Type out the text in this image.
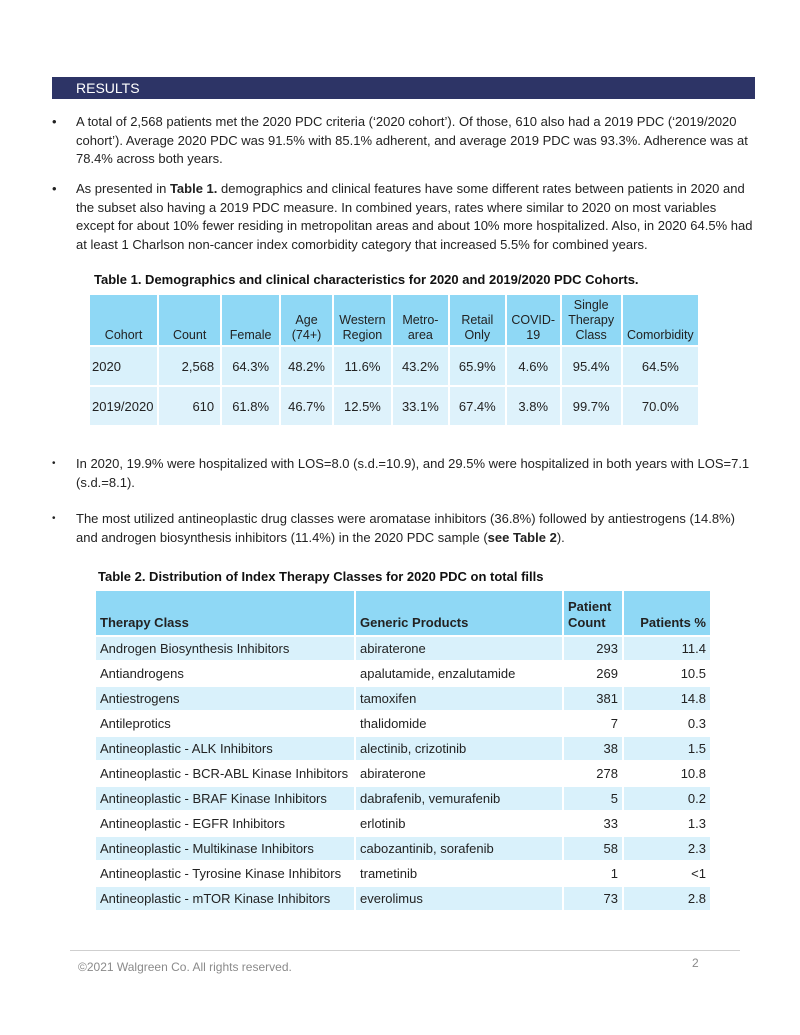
RESULTS
•	A total of 2,568 patients met the 2020 PDC criteria (‘2020 cohort’). Of those, 610 also had a 2019 PDC (‘2019/2020 cohort’). Average 2020 PDC was 91.5% with 85.1% adherent, and average 2019 PDC was 93.3%. Adherence was at 78.4% across both years.
•	As presented in Table 1. demographics and clinical features have some different rates between patients in 2020 and the subset also having a 2019 PDC measure. In combined years, rates where similar to 2020 on most variables except for about 10% fewer residing in metropolitan areas and about 10% more hospitalized. Also, in 2020 64.5% had at least 1 Charlson non-cancer index comorbidity category that increased 5.5% for combined years.
Table 1. Demographics and clinical characteristics for 2020 and 2019/2020 PDC Cohorts.
Cohort	Count	Female	Age (74+)	Western Region	Metro-area	Retail Only	COVID-19	Single Therapy Class	Comorbidity
2020	2,568	64.3%	48.2%	11.6%	43.2%	65.9%	4.6%	95.4%	64.5%
2019/2020	610	61.8%	46.7%	12.5%	33.1%	67.4%	3.8%	99.7%	70.0%
•	In 2020, 19.9% were hospitalized with LOS=8.0 (s.d.=10.9), and 29.5% were hospitalized in both years with LOS=7.1 (s.d.=8.1).
•	The most utilized antineoplastic drug classes were aromatase inhibitors (36.8%) followed by antiestrogens (14.8%) and androgen biosynthesis inhibitors (11.4%) in the 2020 PDC sample (see Table 2).
Table 2. Distribution of Index Therapy Classes for 2020 PDC on total fills
Therapy Class	Generic Products	Patient Count	Patients %
Androgen Biosynthesis Inhibitors	abiraterone	293	11.4
Antiandrogens	apalutamide, enzalutamide	269	10.5
Antiestrogens	tamoxifen	381	14.8
Antileprotics	thalidomide	7	0.3
Antineoplastic - ALK Inhibitors	alectinib, crizotinib	38	1.5
Antineoplastic - BCR-ABL Kinase Inhibitors	abiraterone	278	10.8
Antineoplastic - BRAF Kinase Inhibitors	dabrafenib, vemurafenib	5	0.2
Antineoplastic - EGFR Inhibitors	erlotinib	33	1.3
Antineoplastic - Multikinase Inhibitors	cabozantinib, sorafenib	58	2.3
Antineoplastic - Tyrosine Kinase Inhibitors	trametinib	1	<1
Antineoplastic - mTOR Kinase Inhibitors	everolimus	73	2.8
©2021 Walgreen Co. All rights reserved.	2
